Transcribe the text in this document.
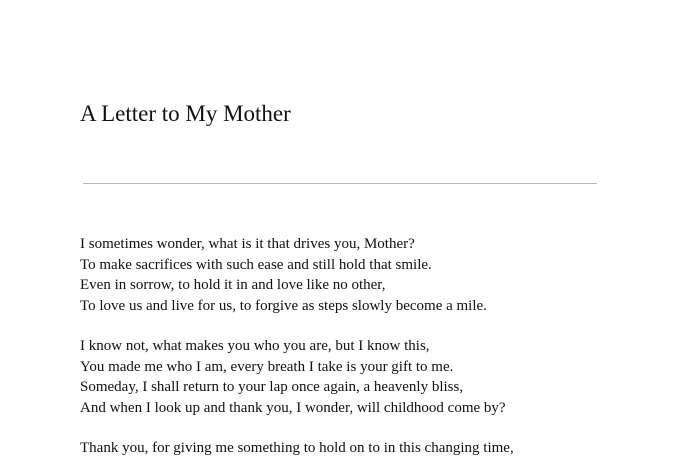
A Letter to My Mother

I sometimes wonder, what is it that drives you, Mother?
To make sacrifices with such ease and still hold that smile.
Even in sorrow, to hold it in and love like no other,
To love us and live for us, to forgive as steps slowly become a mile.

I know not, what makes you who you are, but I know this,
You made me who I am, every breath I take is your gift to me.
Someday, I shall return to your lap once again, a heavenly bliss,
And when I look up and thank you, I wonder, will childhood come by?

Thank you, for giving me something to hold on to in this changing time,
